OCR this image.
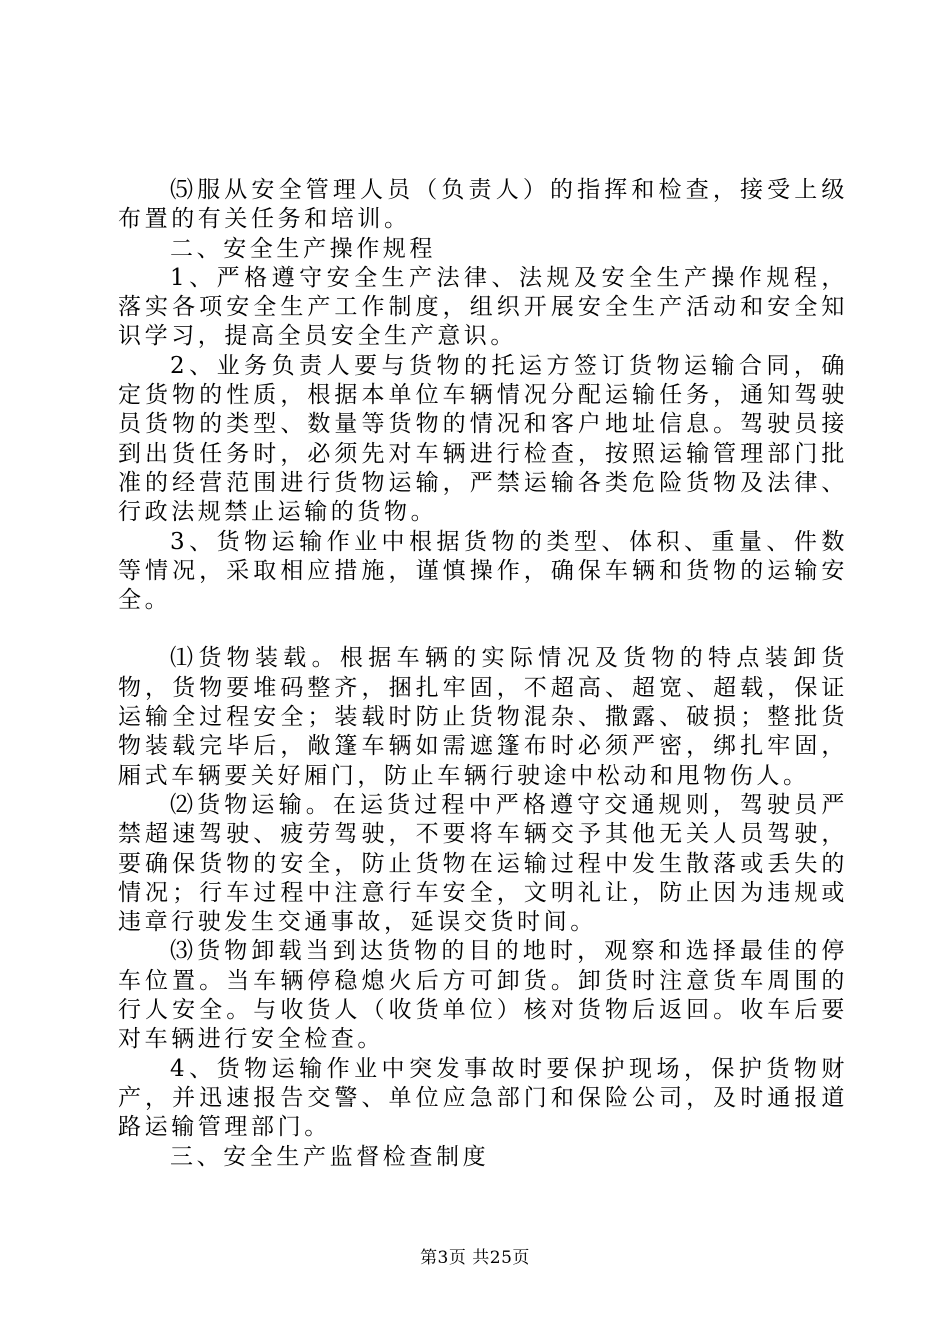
⑸服从安全管理人员（负责人）的指挥和检查，接受上级布置的有关任务和培训。

二、安全生产操作规程

1、严格遵守安全生产法律、法规及安全生产操作规程，落实各项安全生产工作制度，组织开展安全生产活动和安全知识学习，提高全员安全生产意识。

2、业务负责人要与货物的托运方签订货物运输合同，确定货物的性质，根据本单位车辆情况分配运输任务，通知驾驶员货物的类型、数量等货物的情况和客户地址信息。驾驶员接到出货任务时，必须先对车辆进行检查，按照运输管理部门批准的经营范围进行货物运输，严禁运输各类危险货物及法律、行政法规禁止运输的货物。

3、货物运输作业中根据货物的类型、体积、重量、件数等情况，采取相应措施，谨慎操作，确保车辆和货物的运输安全。

⑴货物装载。根据车辆的实际情况及货物的特点装卸货物，货物要堆码整齐，捆扎牢固，不超高、超宽、超载，保证运输全过程安全；装载时防止货物混杂、撒露、破损；整批货物装载完毕后，敞篷车辆如需遮篷布时必须严密，绑扎牢固，厢式车辆要关好厢门，防止车辆行驶途中松动和甩物伤人。

⑵货物运输。在运货过程中严格遵守交通规则，驾驶员严禁超速驾驶、疲劳驾驶，不要将车辆交予其他无关人员驾驶，要确保货物的安全，防止货物在运输过程中发生散落或丢失的情况；行车过程中注意行车安全，文明礼让，防止因为违规或违章行驶发生交通事故，延误交货时间。

⑶货物卸载当到达货物的目的地时，观察和选择最佳的停车位置。当车辆停稳熄火后方可卸货。卸货时注意货车周围的行人安全。与收货人（收货单位）核对货物后返回。收车后要对车辆进行安全检查。

4、货物运输作业中突发事故时要保护现场，保护货物财产，并迅速报告交警、单位应急部门和保险公司，及时通报道路运输管理部门。

三、安全生产监督检查制度

第3页 共25页
